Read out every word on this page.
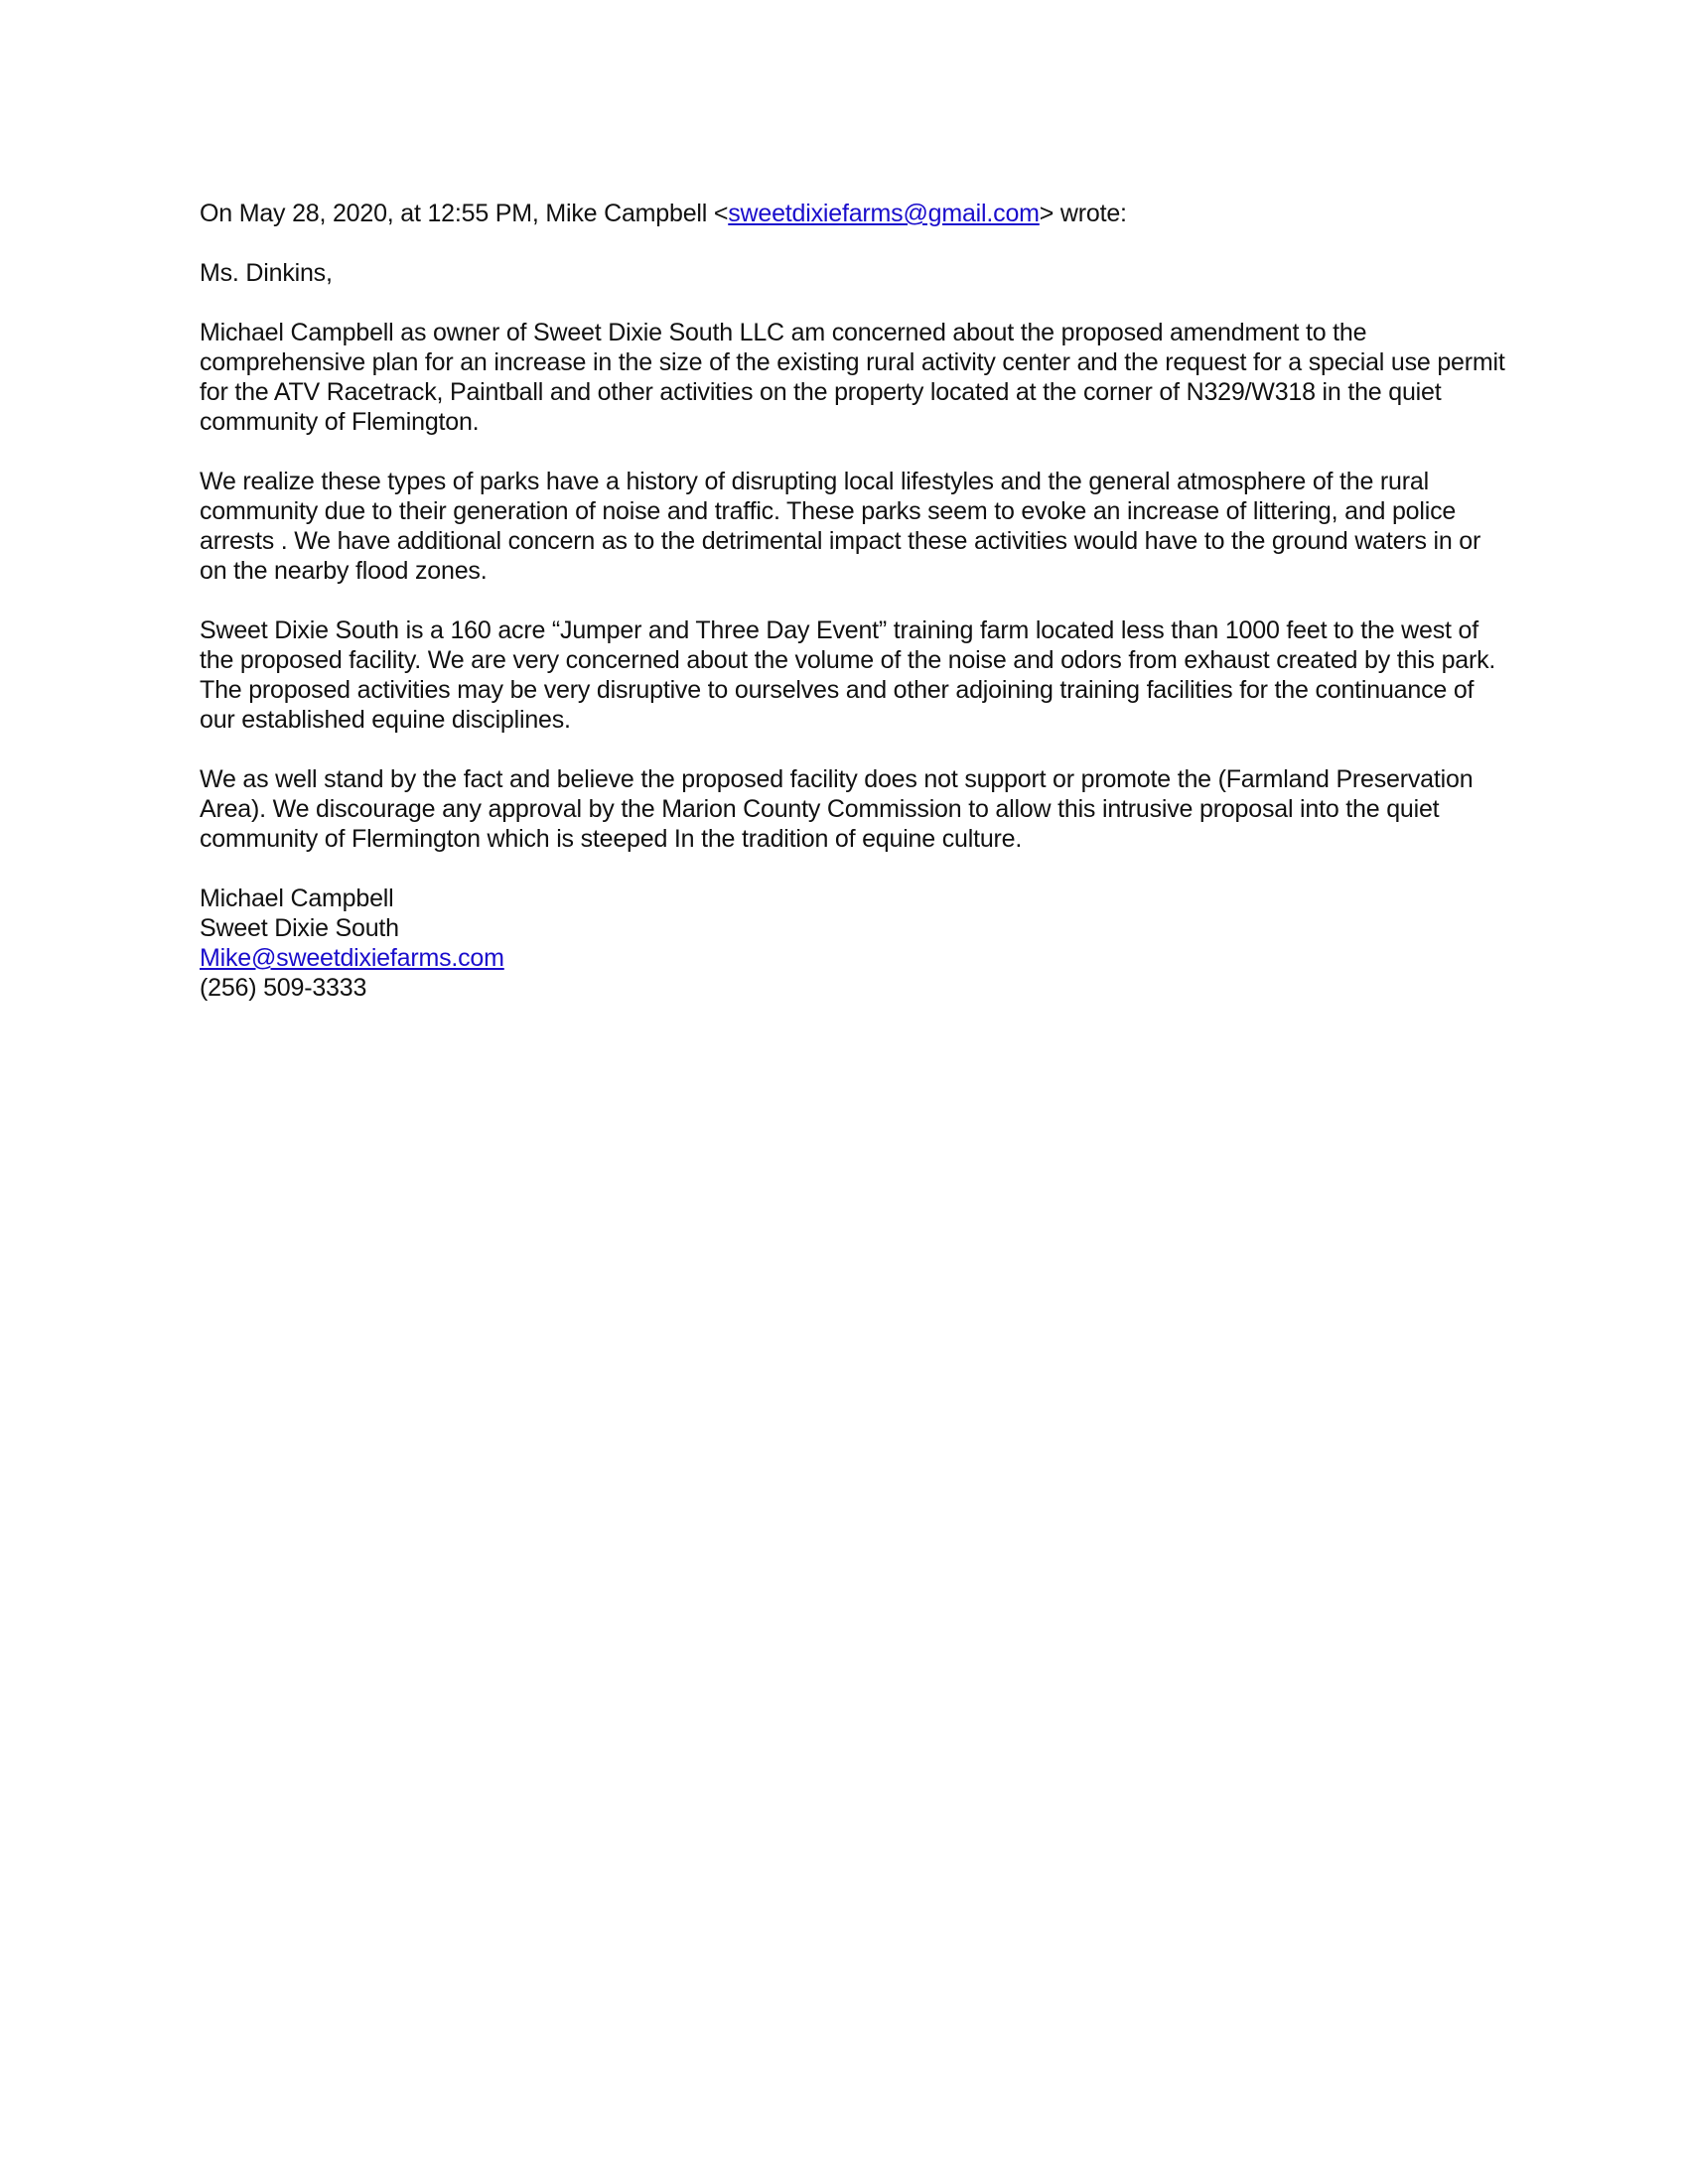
On May 28, 2020, at 12:55 PM, Mike Campbell <sweetdixiefarms@gmail.com> wrote:

Ms. Dinkins,

Michael Campbell as owner of Sweet Dixie South LLC am concerned about the proposed amendment to the comprehensive plan for an increase in the size of the existing rural activity center and the request for a special use permit for the ATV Racetrack, Paintball and other activities on the property located at the corner of N329/W318 in the quiet community of Flemington.

We realize these types of parks have a history of disrupting local lifestyles and the general atmosphere of the rural community due to their generation of noise and traffic. These parks seem to evoke an increase of littering, and police arrests . We have additional concern as to the detrimental impact these activities would have to the ground waters in or on the nearby flood zones.

Sweet Dixie South is a 160 acre “Jumper and Three Day Event” training farm located less than 1000 feet to the west of the proposed facility. We are very concerned about the volume of the noise and odors from exhaust created by this park. The proposed activities may be very disruptive to ourselves and other adjoining training facilities for the continuance of our established equine disciplines.

We as well stand by the fact and believe the proposed facility does not support or promote the (Farmland Preservation Area). We discourage any approval by the Marion County Commission to allow this intrusive proposal into the quiet community of Flermington which is steeped In the tradition of equine culture.

Michael Campbell
Sweet Dixie South
Mike@sweetdixiefarms.com
(256) 509-3333
